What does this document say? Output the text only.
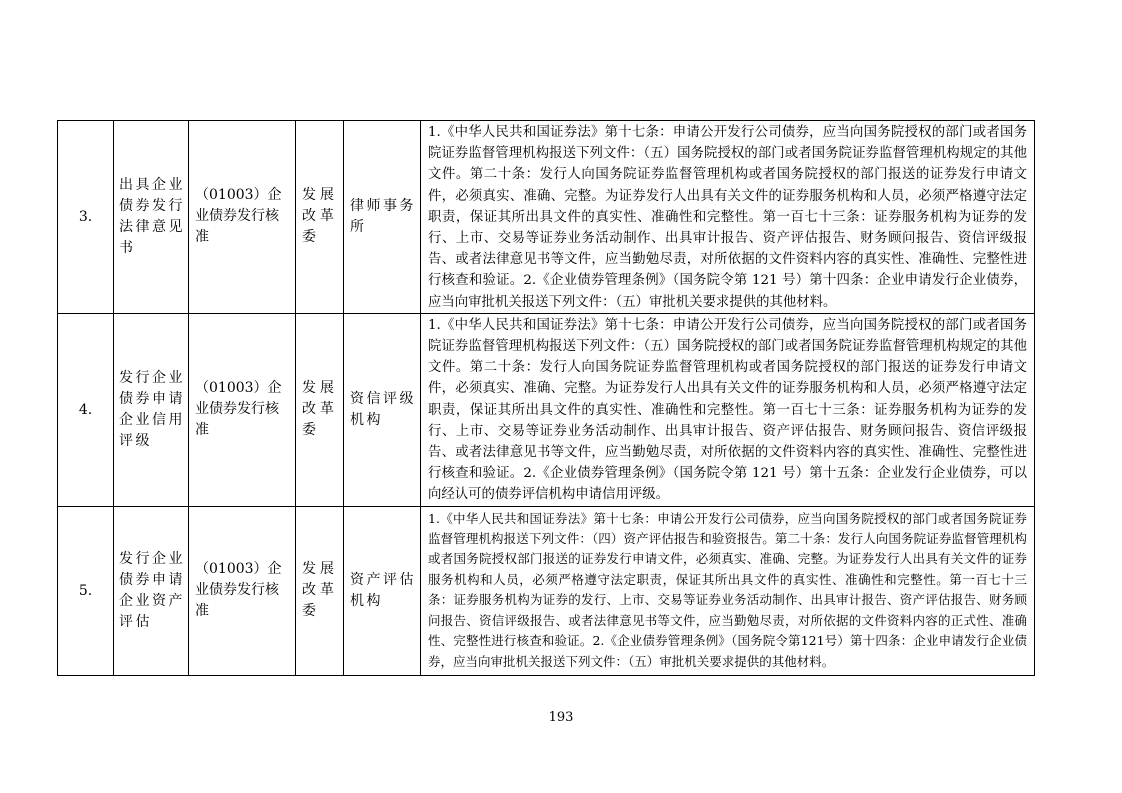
3.	出具企业债券发行法律意见书	（01003）企业债券发行核准	发展改革委	律师事务所	1.《中华人民共和国证券法》第十七条：申请公开发行公司债券，应当向国务院授权的部门或者国务院证券监督管理机构报送下列文件：（五）国务院授权的部门或者国务院证券监督管理机构规定的其他文件。第二十条：发行人向国务院证券监督管理机构或者国务院授权的部门报送的证券发行申请文件，必须真实、准确、完整。为证券发行人出具有关文件的证券服务机构和人员，必须严格遵守法定职责，保证其所出具文件的真实性、准确性和完整性。第一百七十三条：证券服务机构为证券的发行、上市、交易等证券业务活动制作、出具审计报告、资产评估报告、财务顾问报告、资信评级报告、或者法律意见书等文件，应当勤勉尽责，对所依据的文件资料内容的真实性、准确性、完整性进行核查和验证。2.《企业债券管理条例》（国务院令第 121 号）第十四条：企业申请发行企业债券，应当向审批机关报送下列文件：（五）审批机关要求提供的其他材料。
4.	发行企业债券申请企业信用评级	（01003）企业债券发行核准	发展改革委	资信评级机构	1.《中华人民共和国证券法》第十七条：申请公开发行公司债券，应当向国务院授权的部门或者国务院证券监督管理机构报送下列文件：（五）国务院授权的部门或者国务院证券监督管理机构规定的其他文件。第二十条：发行人向国务院证券监督管理机构或者国务院授权的部门报送的证券发行申请文件，必须真实、准确、完整。为证券发行人出具有关文件的证券服务机构和人员，必须严格遵守法定职责，保证其所出具文件的真实性、准确性和完整性。第一百七十三条：证券服务机构为证券的发行、上市、交易等证券业务活动制作、出具审计报告、资产评估报告、财务顾问报告、资信评级报告、或者法律意见书等文件，应当勤勉尽责，对所依据的文件资料内容的真实性、准确性、完整性进行核查和验证。2.《企业债券管理条例》（国务院令第 121 号）第十五条：企业发行企业债券，可以向经认可的债券评信机构申请信用评级。
5.	发行企业债券申请企业资产评估	（01003）企业债券发行核准	发展改革委	资产评估机构	1.《中华人民共和国证券法》第十七条：申请公开发行公司债券，应当向国务院授权的部门或者国务院证券监督管理机构报送下列文件：（四）资产评估报告和验资报告。第二十条：发行人向国务院证券监督管理机构或者国务院授权部门报送的证券发行申请文件，必须真实、准确、完整。为证券发行人出具有关文件的证券服务机构和人员，必须严格遵守法定职责，保证其所出具文件的真实性、准确性和完整性。第一百七十三条：证券服务机构为证券的发行、上市、交易等证券业务活动制作、出具审计报告、资产评估报告、财务顾问报告、资信评级报告、或者法律意见书等文件，应当勤勉尽责，对所依据的文件资料内容的正式性、准确性、完整性进行核查和验证。2.《企业债券管理条例》（国务院令第121号）第十四条：企业申请发行企业债券，应当向审批机关报送下列文件：（五）审批机关要求提供的其他材料。
193
